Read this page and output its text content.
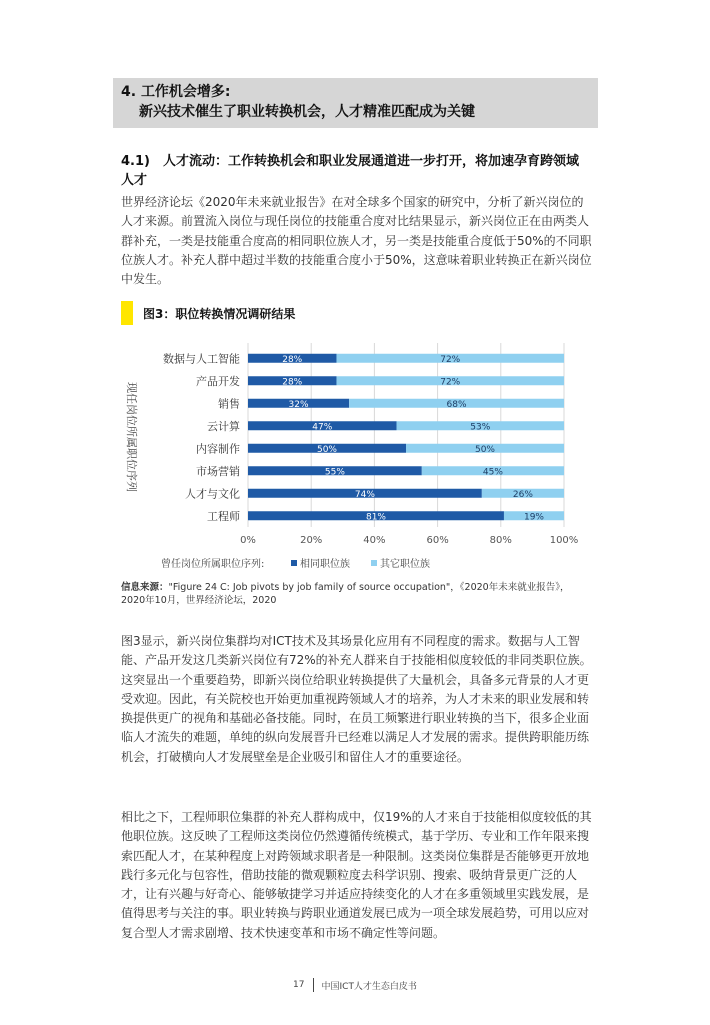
4. 工作机会增多:
新兴技术催生了职业转换机会，人才精准匹配成为关键
4.1)　人才流动：工作转换机会和职业发展通道进一步打开，将加速孕育跨领域人才

世界经济论坛《2020年未来就业报告》在对全球多个国家的研究中，分析了新兴岗位的人才来源。前置流入岗位与现任岗位的技能重合度对比结果显示，新兴岗位正在由两类人群补充，一类是技能重合度高的相同职位族人才，另一类是技能重合度低于50%的不同职位族人才。补充人群中超过半数的技能重合度小于50%，这意味着职业转换正在新兴岗位中发生。

图3：职位转换情况调研结果
0%	20%	40%	60%	80%	100%
现任岗位所属职位序列
数据与人工智能	28%	72%
产品开发	28%	72%
销售	32%	68%
云计算	47%	53%
内容制作	50%	50%
市场营销	55%	45%
人才与文化	74%	26%
工程师	81%	19%
曾任岗位所属职位序列:	相同职位族	其它职位族
信息来源："Figure 24 C: Job pivots by job family of source occupation"，《2020年未来就业报告》，2020年10月，世界经济论坛，2020

图3显示，新兴岗位集群均对ICT技术及其场景化应用有不同程度的需求。数据与人工智能、产品开发这几类新兴岗位有72%的补充人群来自于技能相似度较低的非同类职位族。这突显出一个重要趋势，即新兴岗位给职业转换提供了大量机会，具备多元背景的人才更受欢迎。因此，有关院校也开始更加重视跨领域人才的培养，为人才未来的职业发展和转换提供更广的视角和基础必备技能。同时，在员工频繁进行职业转换的当下，很多企业面临人才流失的难题，单纯的纵向发展晋升已经难以满足人才发展的需求。提供跨职能历练机会，打破横向人才发展壁垒是企业吸引和留住人才的重要途径。

相比之下，工程师职位集群的补充人群构成中，仅19%的人才来自于技能相似度较低的其他职位族。这反映了工程师这类岗位仍然遵循传统模式，基于学历、专业和工作年限来搜索匹配人才，在某种程度上对跨领域求职者是一种限制。这类岗位集群是否能够更开放地践行多元化与包容性，借助技能的微观颗粒度去科学识别、搜索、吸纳背景更广泛的人才，让有兴趣与好奇心、能够敏捷学习并适应持续变化的人才在多重领域里实践发展，是值得思考与关注的事。职业转换与跨职业通道发展已成为一项全球发展趋势，可用以应对复合型人才需求剧增、技术快速变革和市场不确定性等问题。

17 中国ICT人才生态白皮书
